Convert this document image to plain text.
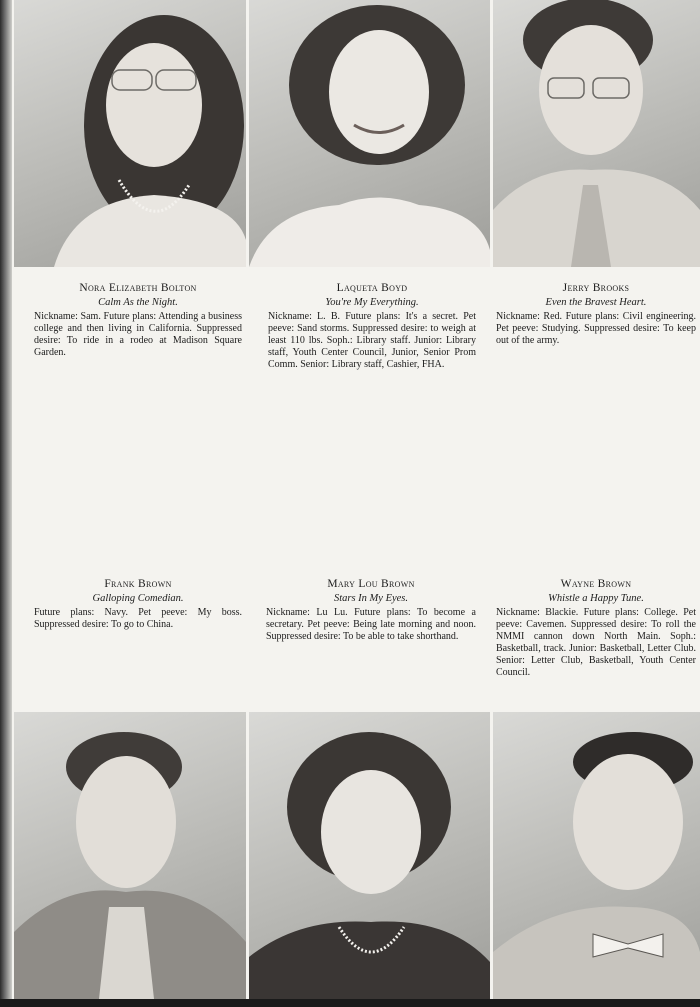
Nora Elizabeth Bolton

Calm As the Night.

Nickname: Sam. Future plans: Attending a business college and then living in California. Suppressed desire: To ride in a rodeo at Madison Square Garden.

Laqueta Boyd

You're My Everything.

Nickname: L. B. Future plans: It's a secret. Pet peeve: Sand storms. Suppressed desire: to weigh at least 110 lbs. Soph.: Library staff. Junior: Library staff, Youth Center Council, Junior, Senior Prom Comm. Senior: Library staff, Cashier, FHA.

Jerry Brooks

Even the Bravest Heart.

Nickname: Red. Future plans: Civil engineering. Pet peeve: Studying. Suppressed desire: To keep out of the army.

Frank Brown

Galloping Comedian.

Future plans: Navy. Pet peeve: My boss. Suppressed desire: To go to China.

Mary Lou Brown

Stars In My Eyes.

Nickname: Lu Lu. Future plans: To become a secretary. Pet peeve: Being late morning and noon. Suppressed desire: To be able to take shorthand.

Wayne Brown

Whistle a Happy Tune.

Nickname: Blackie. Future plans: College. Pet peeve: Cavemen. Suppressed desire: To roll the NMMI cannon down North Main. Soph.: Basketball, track. Junior: Basketball, Letter Club. Senior: Letter Club, Basketball, Youth Center Council.
